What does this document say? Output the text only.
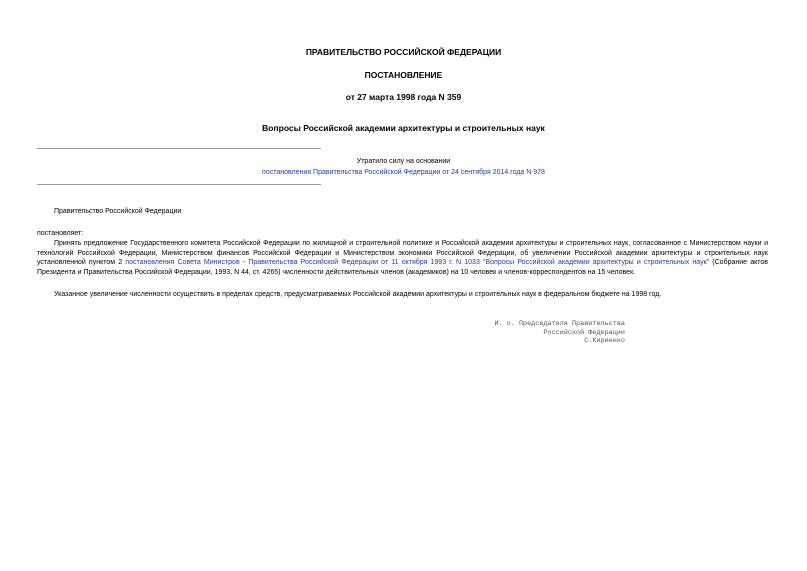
ПРАВИТЕЛЬСТВО РОССИЙСКОЙ ФЕДЕРАЦИИ
ПОСТАНОВЛЕНИЕ
от 27 марта 1998 года N 359
Вопросы Российской академии архитектуры и строительных наук
Утратило силу на основании
постановления Правительства Российской Федерации от 24 сентября 2014 года N 978
Правительство Российской Федерации
постановляет:

Принять предложение Государственного комитета Российской Федерации по жилищной и строительной политике и Российской академии архитектуры и строительных наук, согласованное с Министерством науки и технологий Российской Федерации, Министерством финансов Российской Федерации и Министерством экономики Российской Федерации, об увеличении Российской академии архитектуры и строительных наук установленной пунктом 2 постановления Совета Министров - Правительства Российской Федерации от 11 октября 1993 г. N 1033 "Вопросы Российской академии архитектуры и строительных наук" (Собрание актов Президента и Правительства Российской Федерации, 1993, N 44, ст. 4265) численности действительных членов (академиков) на 10 человек и членов-корреспондентов на 15 человек.

Указанное увеличение численности осуществить в пределах средств, предусматриваемых Российской академии архитектуры и строительных наук в федеральном бюджете на 1998 год.

И. о. Председателя Правительства
Российской Федерации
С.Кириенко
